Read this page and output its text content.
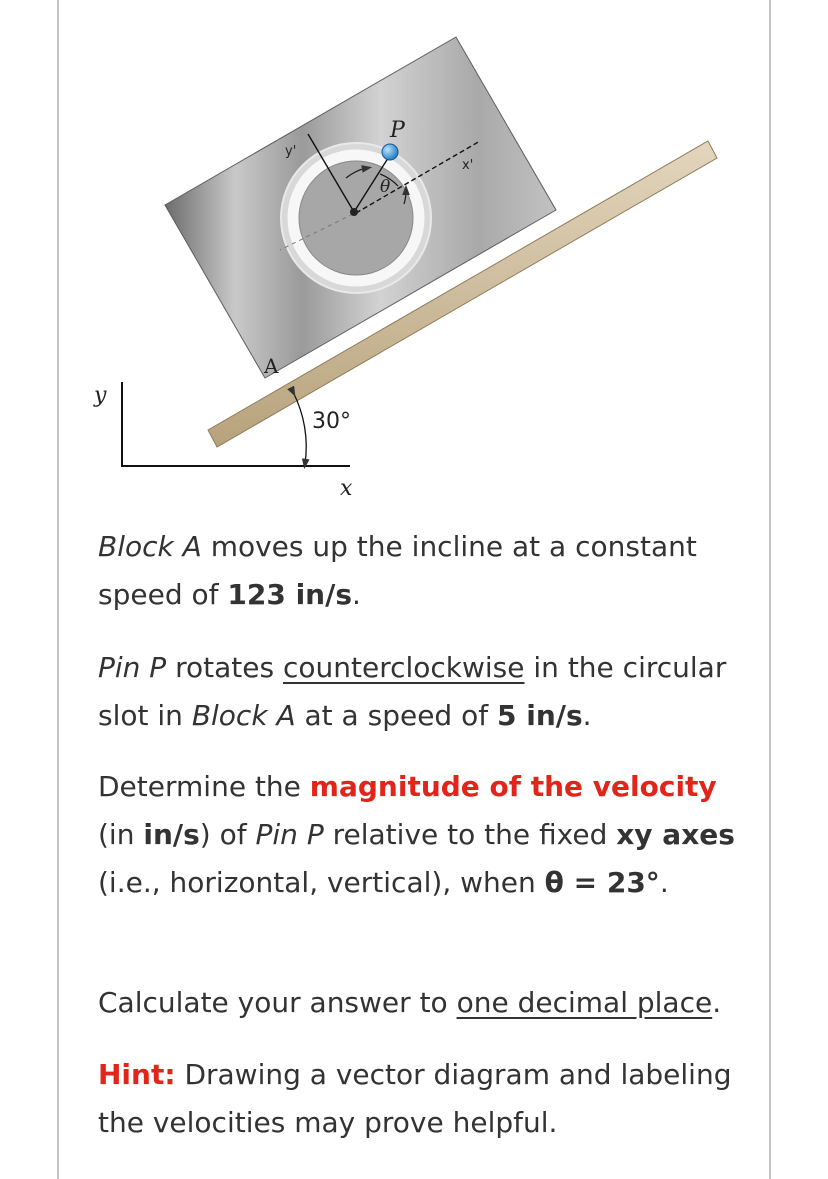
y
x
30°
A
P
θ
x'
y'

Block A moves up the incline at a constant speed of 123 in/s.

Pin P rotates counterclockwise in the circular slot in Block A at a speed of 5 in/s.

Determine the magnitude of the velocity (in in/s) of Pin P relative to the fixed xy axes (i.e., horizontal, vertical), when θ = 23°.

Calculate your answer to one decimal place.

Hint: Drawing a vector diagram and labeling the velocities may prove helpful.
